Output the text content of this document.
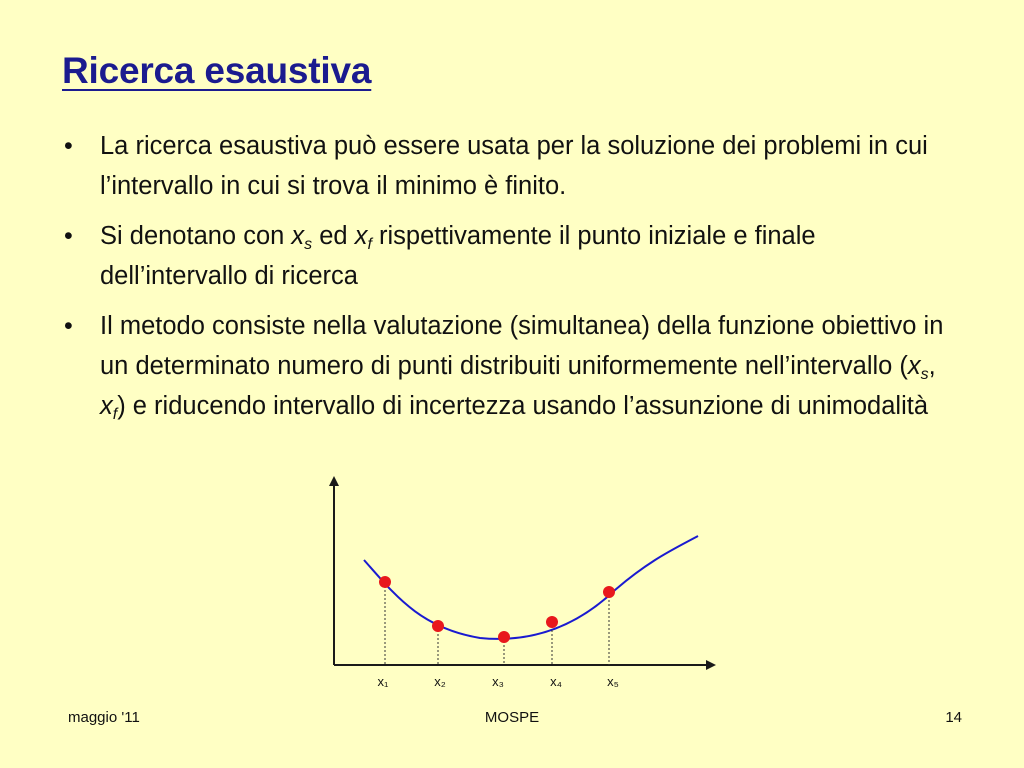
Ricerca esaustiva
• La ricerca esaustiva può essere usata per la soluzione dei problemi in cui l’intervallo in cui si trova il minimo è finito.
• Si denotano con $x_s$ ed $x_f$ rispettivamente il punto iniziale e finale dell’intervallo di ricerca
• Il metodo consiste nella valutazione (simultanea) della funzione obiettivo in un determinato numero di punti distribuiti uniformemente nell’intervallo ($x_s$, $x_f$) e riducendo intervallo di incertezza usando l’assunzione di unimodalità
x₁	x₂	x₃	x₄	x₅
maggio '11	MOSPE	14
